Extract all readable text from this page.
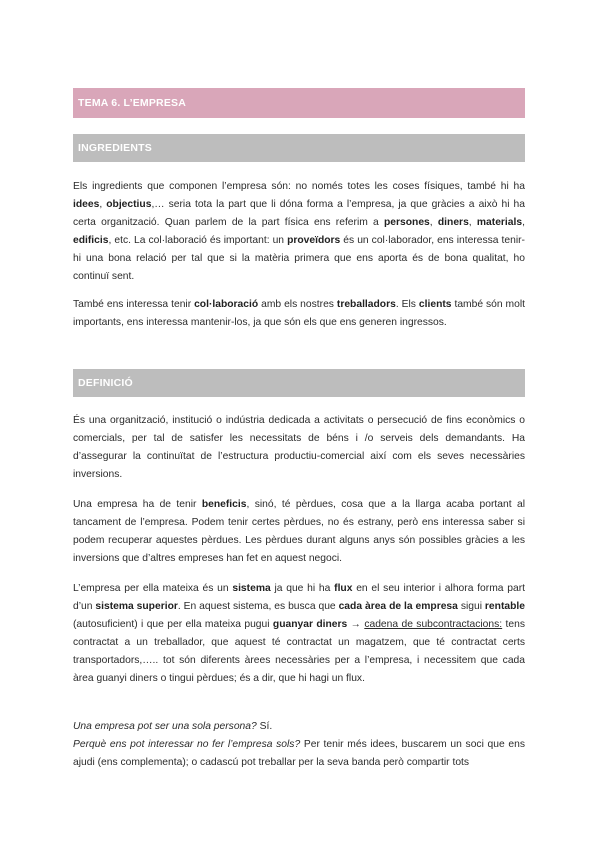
TEMA 6. L’EMPRESA
INGREDIENTS

Els ingredients que componen l’empresa són: no només totes les coses físiques, també hi ha idees, objectius,… seria tota la part que li dóna forma a l’empresa, ja que gràcies a això hi ha certa organització. Quan parlem de la part física ens referim a persones, diners, materials, edificis, etc. La col·laboració és important: un proveïdors és un col·laborador, ens interessa tenir-hi una bona relació per tal que si la matèria primera que ens aporta és de bona qualitat, ho continuï sent.

També ens interessa tenir col·laboració amb els nostres treballadors. Els clients també són molt importants, ens interessa mantenir-los, ja que són els que ens generen ingressos.

DEFINICIÓ

És una organització, institució o indústria dedicada a activitats o persecució de fins econòmics o comercials, per tal de satisfer les necessitats de béns i /o serveis dels demandants. Ha d’assegurar la continuïtat de l’estructura productiu-comercial així com els seves necessàries inversions.

Una empresa ha de tenir beneficis, sinó, té pèrdues, cosa que a la llarga acaba portant al tancament de l’empresa. Podem tenir certes pèrdues, no és estrany, però ens interessa saber si podem recuperar aquestes pèrdues. Les pèrdues durant alguns anys són possibles gràcies a les inversions que d’altres empreses han fet en aquest negoci.

L’empresa per ella mateixa és un sistema ja que hi ha flux en el seu interior i alhora forma part d’un sistema superior. En aquest sistema, es busca que cada àrea de la empresa sigui rentable (autosuficient) i que per ella mateixa pugui guanyar diners → cadena de subcontractacions: tens contractat a un treballador, que aquest té contractat un magatzem, que té contractat certs transportadors,….. tot són diferents àrees necessàries per a l’empresa, i necessitem que cada àrea guanyi diners o tingui pèrdues; és a dir, que hi hagi un flux.

Una empresa pot ser una sola persona? Sí.

Perquè ens pot interessar no fer l’empresa sols? Per tenir més idees, buscarem un soci que ens ajudi (ens complementa); o cadascú pot treballar per la seva banda però compartir tots
